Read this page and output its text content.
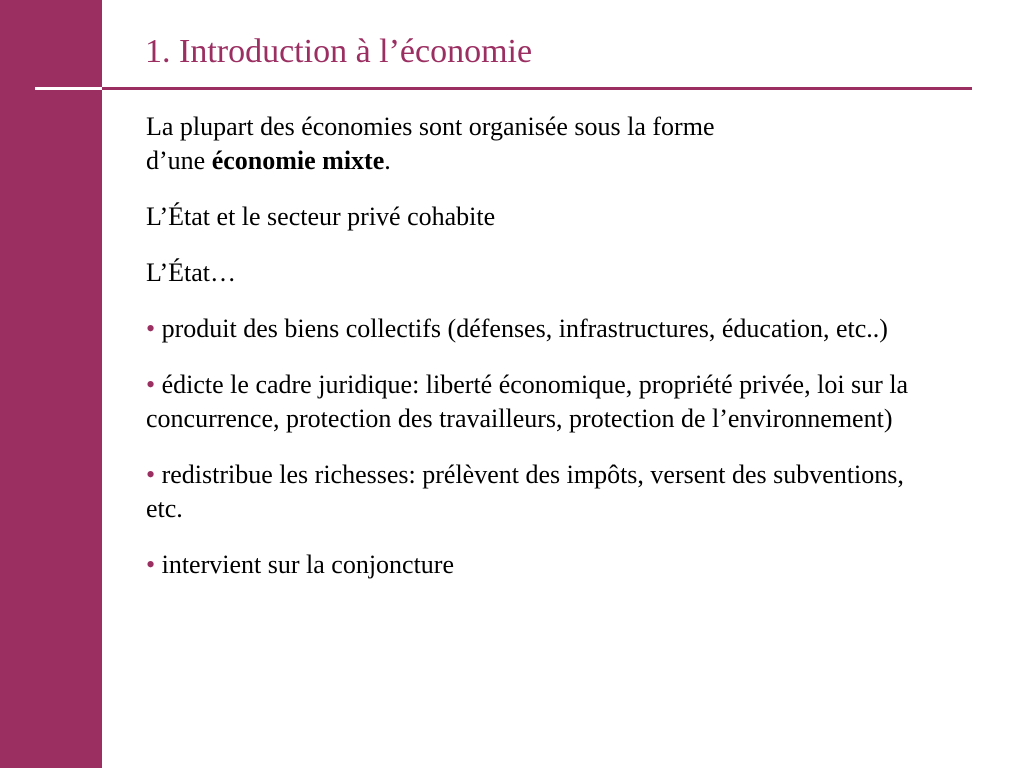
1. Introduction à l’économie

La plupart des économies sont organisée sous la forme
d’une économie mixte.

L’État et le secteur privé cohabite

L’État…

• produit des biens collectifs (défenses, infrastructures, éducation, etc..)

• édicte le cadre juridique: liberté économique, propriété privée, loi sur la concurrence, protection des travailleurs, protection de l’environnement)

• redistribue les richesses: prélèvent des impôts, versent des subventions, etc.

• intervient sur la conjoncture
